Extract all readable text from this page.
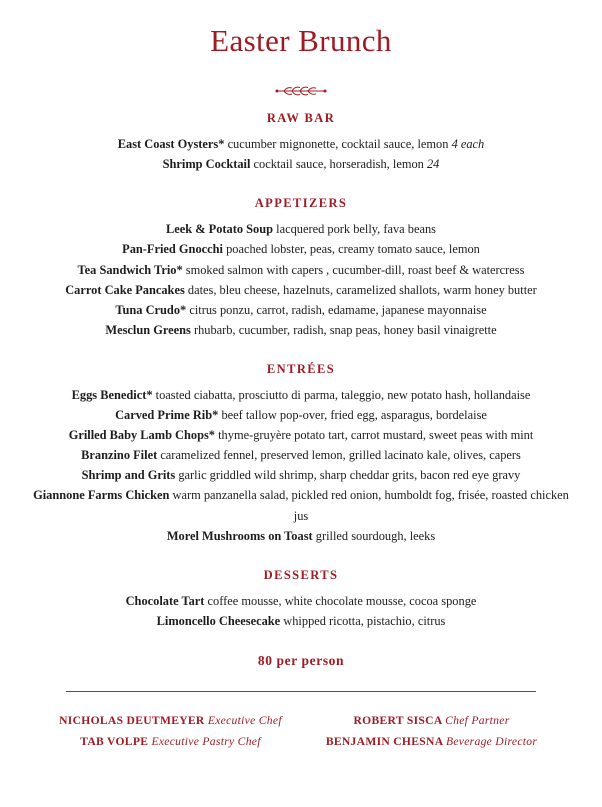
Easter Brunch
RAW BAR

East Coast Oysters* cucumber mignonette, cocktail sauce, lemon 4 each

Shrimp Cocktail cocktail sauce, horseradish, lemon 24

APPETIZERS

Leek & Potato Soup lacquered pork belly, fava beans

Pan-Fried Gnocchi poached lobster, peas, creamy tomato sauce, lemon

Tea Sandwich Trio* smoked salmon with capers , cucumber-dill, roast beef & watercress

Carrot Cake Pancakes dates, bleu cheese, hazelnuts, caramelized shallots, warm honey butter

Tuna Crudo* citrus ponzu, carrot, radish, edamame, japanese mayonnaise

Mesclun Greens rhubarb, cucumber, radish, snap peas, honey basil vinaigrette

ENTRÉES

Eggs Benedict* toasted ciabatta, prosciutto di parma, taleggio, new potato hash, hollandaise

Carved Prime Rib* beef tallow pop-over, fried egg, asparagus, bordelaise

Grilled Baby Lamb Chops* thyme-gruyère potato tart, carrot mustard, sweet peas with mint

Branzino Filet caramelized fennel, preserved lemon, grilled lacinato kale, olives, capers

Shrimp and Grits garlic griddled wild shrimp, sharp cheddar grits, bacon red eye gravy

Giannone Farms Chicken warm panzanella salad, pickled red onion, humboldt fog, frisée, roasted chicken jus

Morel Mushrooms on Toast grilled sourdough, leeks

DESSERTS

Chocolate Tart coffee mousse, white chocolate mousse, cocoa sponge

Limoncello Cheesecake whipped ricotta, pistachio, citrus

80 per person
NICHOLAS DEUTMEYER Executive Chef
TAB VOLPE Executive Pastry Chef
ROBERT SISCA Chef Partner
BENJAMIN CHESNA Beverage Director
